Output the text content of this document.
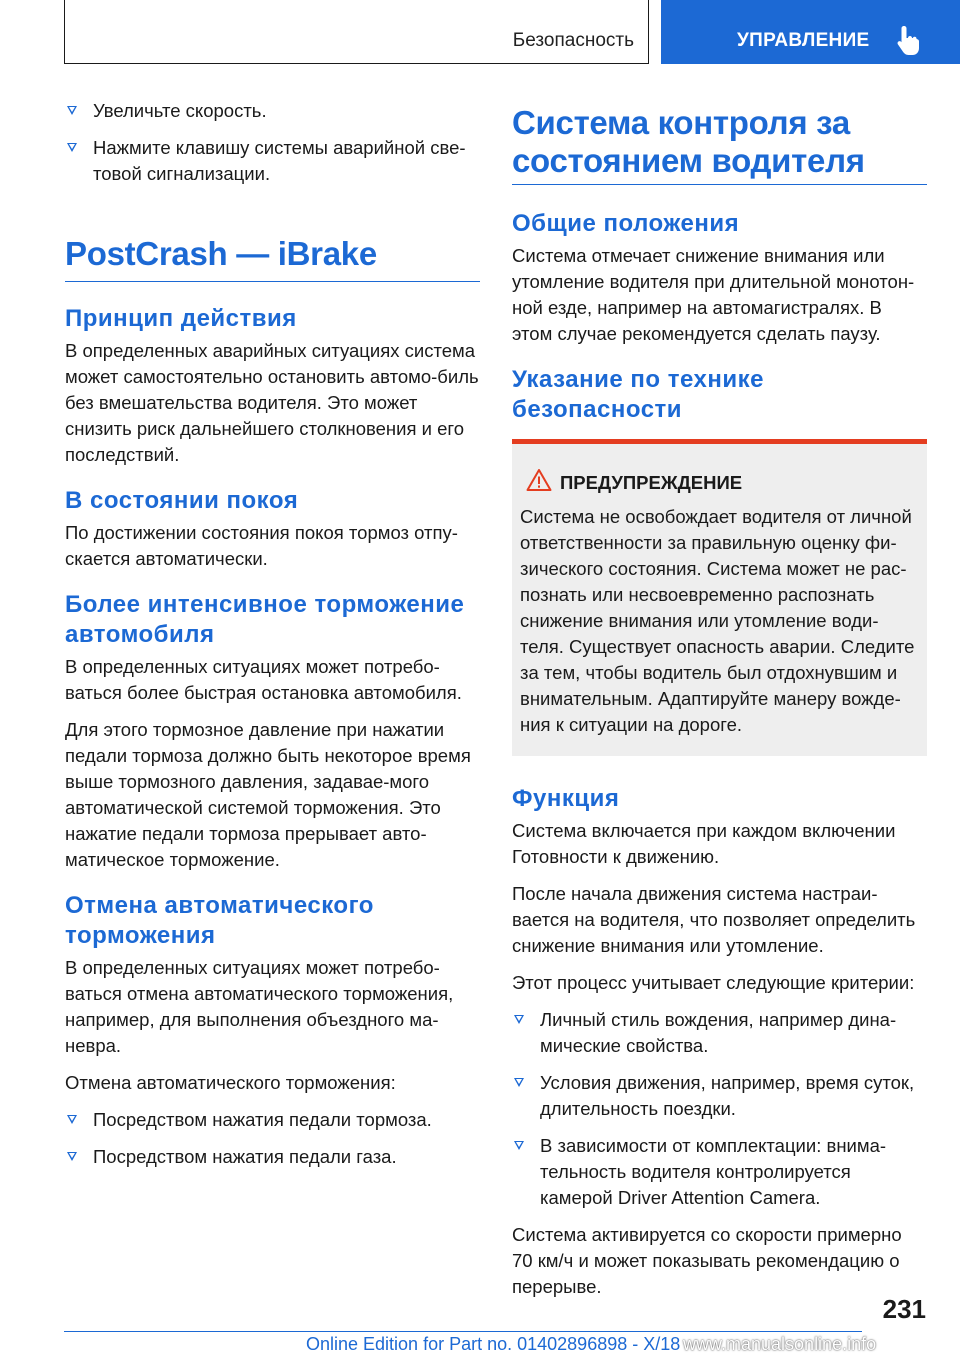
Безопасность	УПРАВЛЕНИЕ
Увеличьте скорость.
Нажмите клавишу системы аварийной све-товой сигнализации.
PostCrash — iBrake
Принцип действия

В определенных аварийных ситуациях система может самостоятельно остановить автомо-биль без вмешательства водителя. Это может снизить риск дальнейшего столкновения и его последствий.

В состоянии покоя

По достижении состояния покоя тормоз отпу-скается автоматически.

Более интенсивное торможение автомобиля

В определенных ситуациях может потребо-ваться более быстрая остановка автомобиля.

Для этого тормозное давление при нажатии педали тормоза должно быть некоторое время выше тормозного давления, задавае-мого автоматической системой торможения. Это нажатие педали тормоза прерывает авто-матическое торможение.

Отмена автоматического торможения

В определенных ситуациях может потребо-ваться отмена автоматического торможения, например, для выполнения объездного ма-невра.

Отмена автоматического торможения:

Посредством нажатия педали тормоза.
Посредством нажатия педали газа.
Система контроля за состоянием водителя
Общие положения

Система отмечает снижение внимания или утомление водителя при длительной монотон-ной езде, например на автомагистралях. В этом случае рекомендуется сделать паузу.

Указание по технике безопасности
ПРЕДУПРЕЖДЕНИЕ

Система не освобождает водителя от личной ответственности за правильную оценку фи-зического состояния. Система может не рас-познать или несвоевременно распознать снижение внимания или утомление води-теля. Существует опасность аварии. Следите за тем, чтобы водитель был отдохнувшим и внимательным. Адаптируйте манеру вожде-ния к ситуации на дороге.

Функция

Система включается при каждом включении Готовности к движению.

После начала движения система настраи-вается на водителя, что позволяет определить снижение внимания или утомление.

Этот процесс учитывает следующие критерии:

Личный стиль вождения, например дина-мические свойства.
Условия движения, например, время суток, длительность поездки.
В зависимости от комплектации: внима-тельность водителя контролируется камерой Driver Attention Camera.

Система активируется со скорости примерно 70 км/ч и может показывать рекомендацию о перерыве.

231
Online Edition for Part no. 01402896898 - X/18 www.manualsonline.info
